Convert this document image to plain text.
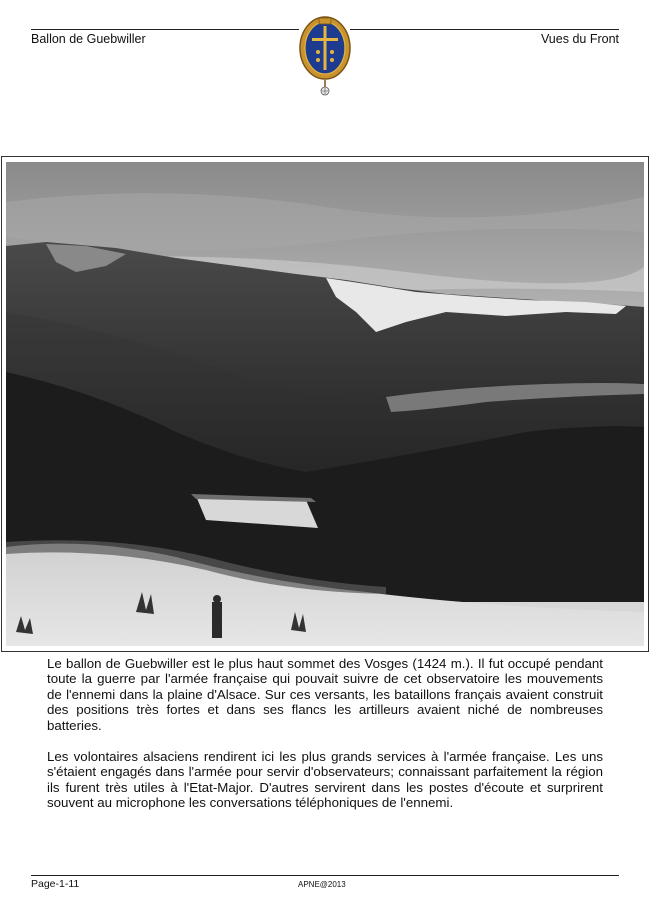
Ballon de Guebwiller	Vues du Front

Le ballon de Guebwiller est le plus haut sommet des Vosges (1424 m.). Il fut occupé pendant toute la guerre par l'armée française qui pouvait suivre de cet observatoire les mouvements de l'ennemi dans la plaine d'Alsace. Sur ces versants, les bataillons français avaient construit des positions très fortes et dans ses flancs les artilleurs avaient niché de nombreuses batteries.

Les volontaires alsaciens rendirent ici les plus grands services à l'armée française. Les uns s'étaient engagés dans l'armée pour servir d'observateurs; connaissant parfaitement la région ils furent très utiles à l'Etat-Major. D'autres servirent dans les postes d'écoute et surprirent souvent au microphone les conversations téléphoniques de l'ennemi.

Page-1-11	APNE@2013
